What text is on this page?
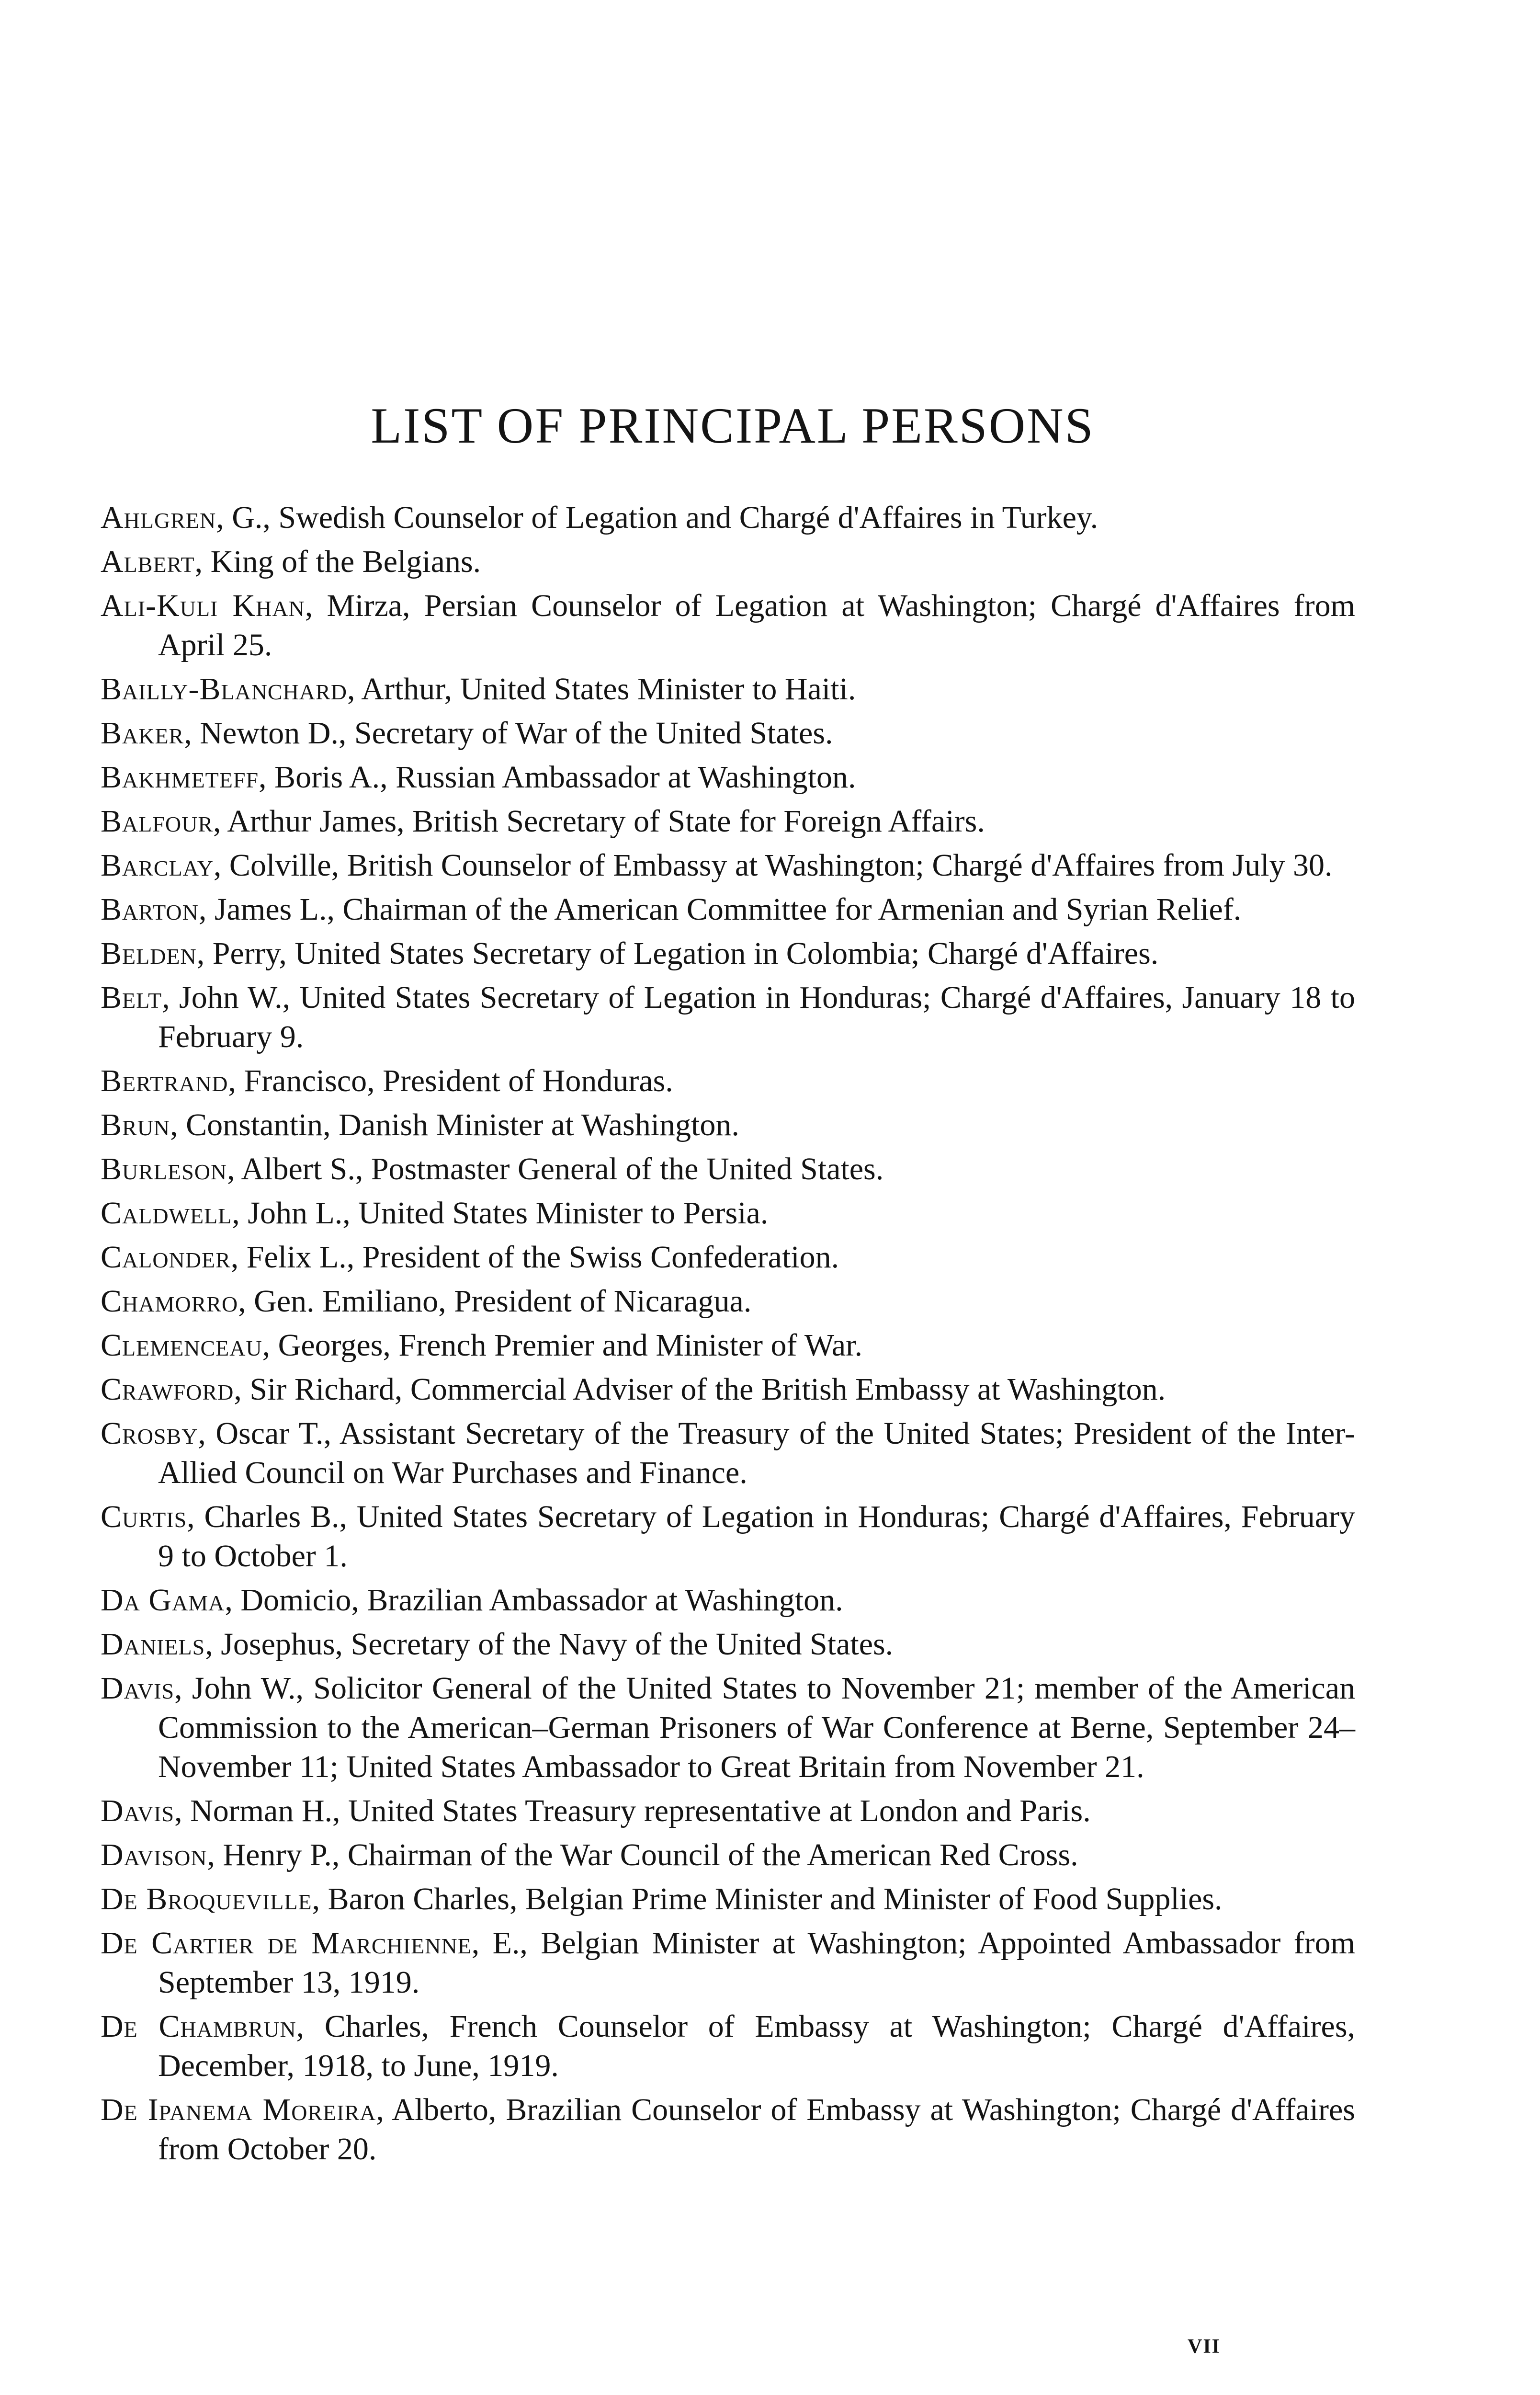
LIST OF PRINCIPAL PERSONS
Ahlgren, G., Swedish Counselor of Legation and Chargé d'Affaires in Turkey.
Albert, King of the Belgians.
Ali-Kuli Khan, Mirza, Persian Counselor of Legation at Washington; Chargé d'Affaires from April 25.
Bailly-Blanchard, Arthur, United States Minister to Haiti.
Baker, Newton D., Secretary of War of the United States.
Bakhmeteff, Boris A., Russian Ambassador at Washington.
Balfour, Arthur James, British Secretary of State for Foreign Affairs.
Barclay, Colville, British Counselor of Embassy at Washington; Chargé d'Affaires from July 30.
Barton, James L., Chairman of the American Committee for Armenian and Syrian Relief.
Belden, Perry, United States Secretary of Legation in Colombia; Chargé d'Affaires.
Belt, John W., United States Secretary of Legation in Honduras; Chargé d'Affaires, January 18 to February 9.
Bertrand, Francisco, President of Honduras.
Brun, Constantin, Danish Minister at Washington.
Burleson, Albert S., Postmaster General of the United States.
Caldwell, John L., United States Minister to Persia.
Calonder, Felix L., President of the Swiss Confederation.
Chamorro, Gen. Emiliano, President of Nicaragua.
Clemenceau, Georges, French Premier and Minister of War.
Crawford, Sir Richard, Commercial Adviser of the British Embassy at Washington.
Crosby, Oscar T., Assistant Secretary of the Treasury of the United States; President of the Inter-Allied Council on War Purchases and Finance.
Curtis, Charles B., United States Secretary of Legation in Honduras; Chargé d'Affaires, February 9 to October 1.
Da Gama, Domicio, Brazilian Ambassador at Washington.
Daniels, Josephus, Secretary of the Navy of the United States.
Davis, John W., Solicitor General of the United States to November 21; member of the American Commission to the American–German Prisoners of War Conference at Berne, September 24–November 11; United States Ambassador to Great Britain from November 21.
Davis, Norman H., United States Treasury representative at London and Paris.
Davison, Henry P., Chairman of the War Council of the American Red Cross.
De Broqueville, Baron Charles, Belgian Prime Minister and Minister of Food Supplies.
De Cartier de Marchienne, E., Belgian Minister at Washington; Appointed Ambassador from September 13, 1919.
De Chambrun, Charles, French Counselor of Embassy at Washington; Chargé d'Affaires, December, 1918, to June, 1919.
De Ipanema Moreira, Alberto, Brazilian Counselor of Embassy at Washington; Chargé d'Affaires from October 20.
vii
